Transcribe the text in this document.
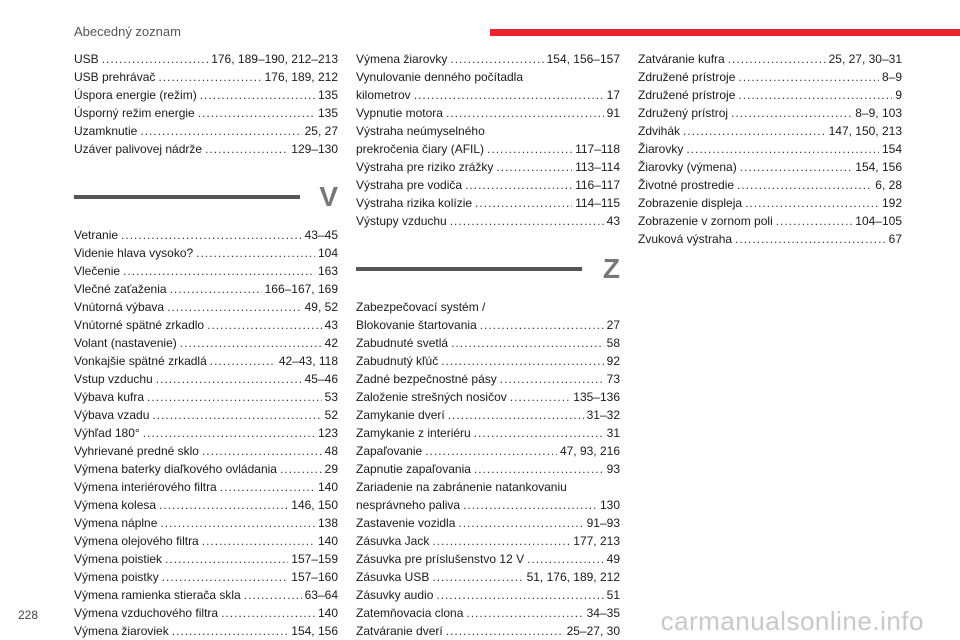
Abecedný zoznam
USB .....	176, 189–190, 212–213
USB prehrávač .....	176, 189, 212
Úspora energie (režim) .....	135
Úsporný režim energie .....	135
Uzamknutie .....	25, 27
Uzáver palivovej nádrže .....	129–130
V
Vetranie .....	43–45
Videnie hlava vysoko? .....	104
Vlečenie .....	163
Vlečné zaťaženia .....	166–167, 169
Vnútorná výbava .....	49, 52
Vnútorné spätné zrkadlo .....	43
Volant (nastavenie) .....	42
Vonkajšie spätné zrkadlá .....	42–43, 118
Vstup vzduchu .....	45–46
Výbava kufra .....	53
Výbava vzadu .....	52
Výhľad 180° .....	123
Vyhrievané predné sklo .....	48
Výmena baterky diaľkového ovládania .....	29
Výmena interiérového filtra .....	140
Výmena kolesa .....	146, 150
Výmena náplne .....	138
Výmena olejového filtra .....	140
Výmena poistiek .....	157–159
Výmena poistky .....	157–160
Výmena ramienka stierača skla .....	63–64
Výmena vzduchového filtra .....	140
Výmena žiaroviek .....	154, 156
Výmena žiarovky .....	154, 156–157
Vynulovanie denného počítadla
kilometrov .....	17
Vypnutie motora .....	91
Výstraha neúmyselného
prekročenia čiary (AFIL) .....	117–118
Výstraha pre riziko zrážky .....	113–114
Výstraha pre vodiča .....	116–117
Výstraha rizika kolízie .....	114–115
Výstupy vzduchu .....	43
Z
Zabezpečovací systém /
Blokovanie štartovania .....	27
Zabudnuté svetlá .....	58
Zabudnutý kľúč .....	92
Zadné bezpečnostné pásy .....	73
Založenie strešných nosičov .....	135–136
Zamykanie dverí .....	31–32
Zamykanie z interiéru .....	31
Zapaľovanie .....	47, 93, 216
Zapnutie zapaľovania .....	93
Zariadenie na zabránenie natankovaniu
nesprávneho paliva .....	130
Zastavenie vozidla .....	91–93
Zásuvka Jack .....	177, 213
Zásuvka pre príslušenstvo 12 V .....	49
Zásuvka USB .....	51, 176, 189, 212
Zásuvky audio .....	51
Zatemňovacia clona .....	34–35
Zatváranie dverí .....	25–27, 30
Zatváranie kufra .....	25, 27, 30–31
Združené prístroje .....	8–9
Združené prístroje .....	9
Združený prístroj .....	8–9, 103
Zdvihák .....	147, 150, 213
Žiarovky .....	154
Žiarovky (výmena) .....	154, 156
Životné prostredie .....	6, 28
Zobrazenie displeja .....	192
Zobrazenie v zornom poli .....	104–105
Zvuková výstraha .....	67
228	carmanualsonline.info
